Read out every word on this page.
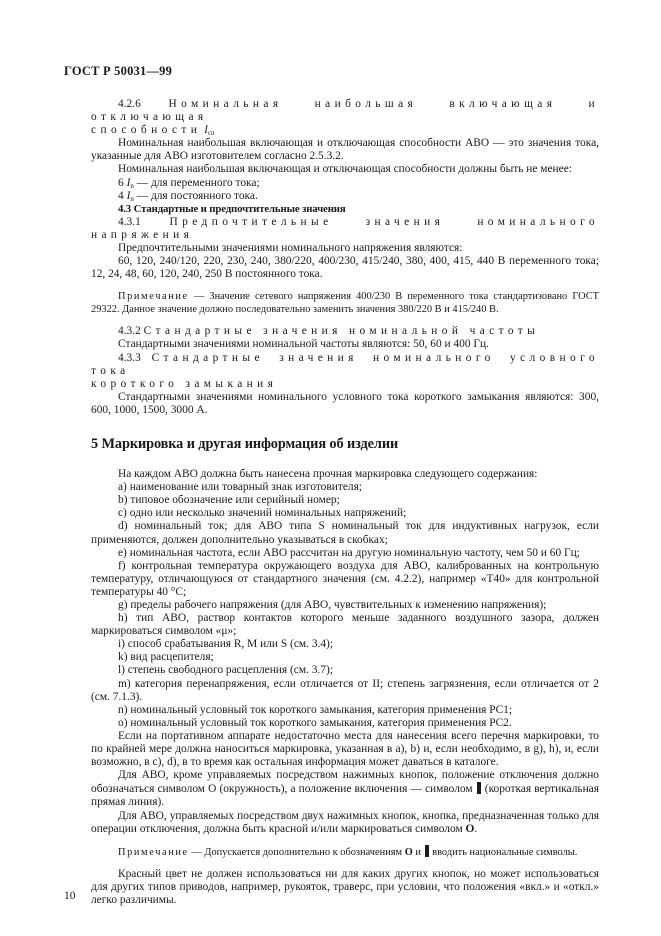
ГОСТ Р 50031—99

4.2.6 Номинальная наибольшая включающая и отключающая

способности $I_{cn}$

Номинальная наибольшая включающая и отключающая способности АВО — это значения тока, указанные для АВО изготовителем согласно 2.5.3.2.

Номинальная наибольшая включающая и отключающая способности должны быть не менее:

6 $I_n$ — для переменного тока;

4 $I_n$ — для постоянного тока.

4.3 Стандартные и предпочтительные значения

4.3.1	Предпочтительные значения номинального напряжения

Предпочтительными значениями номинального напряжения являются:

60, 120, 240/120, 220, 230, 240, 380/220, 400/230, 415/240, 380, 400, 415, 440 В переменного тока; 12, 24, 48, 60, 120, 240, 250 В постоянного тока.

Примечание — Значение сетевого напряжения 400/230 В переменного тока стандартизовано ГОСТ 29322. Данное значение должно последовательно заменить значения 380/220 В и 415/240 В.

4.3.2 Стандартные значения номинальной частоты

Стандартными значениями номинальной частоты являются: 50, 60 и 400 Гц.

4.3.3 Стандартные значения номинального условного тока

короткого замыкания

Стандартными значениями номинального условного тока короткого замыкания являются: 300, 600, 1000, 1500, 3000 А.

5 Маркировка и другая информация об изделии

На каждом АВО должна быть нанесена прочная маркировка следующего содержания:

a) наименование или товарный знак изготовителя;

b) типовое обозначение или серийный номер;

c) одно или несколько значений номинальных напряжений;

d) номинальный ток; для АВО типа S номинальный ток для индуктивных нагрузок, если применяются, должен дополнительно указываться в скобках;

e) номинальная частота, если АВО рассчитан на другую номинальную частоту, чем 50 и 60 Гц;

f) контрольная температура окружающего воздуха для АВО, калиброванных на контрольную температуру, отличающуюся от стандартного значения (см. 4.2.2), например «T40» для контрольной температуры 40 °C;

g) пределы рабочего напряжения (для АВО, чувствительных к изменению напряжения);

h) тип АВО, раствор контактов которого меньше заданного воздушного зазора, должен маркироваться символом «μ»;

i) способ срабатывания R, M или S (см. 3.4);

k) вид расцепителя;

l) степень свободного расцепления (см. 3.7);

m) категория перенапряжения, если отличается от II; степень загрязнения, если отличается от 2 (см. 7.1.3).

n) номинальный условный ток короткого замыкания, категория применения PC1;

o) номинальный условный ток короткого замыкания, категория применения PC2.

Если на портативном аппарате недостаточно места для нанесения всего перечня маркировки, то по крайней мере должна наноситься маркировка, указанная в a), b) и, если необходимо, в g), h), и, если возможно, в c), d), в то время как остальная информация может даваться в каталоге.

Для АВО, кроме управляемых посредством нажимных кнопок, положение отключения должно обозначаться символом O (окружность), а положение включения — символом (короткая вертикальная прямая линия).

Для АВО, управляемых посредством двух нажимных кнопок, кнопка, предназначенная только для операции отключения, должна быть красной и/или маркироваться символом O.

Примечание — Допускается дополнительно к обозначениям O и  вводить национальные символы.

Красный цвет не должен использоваться ни для каких других кнопок, но может использоваться для других типов приводов, например, рукояток, траверс, при условии, что положения «вкл.» и «откл.» легко различимы.

10
